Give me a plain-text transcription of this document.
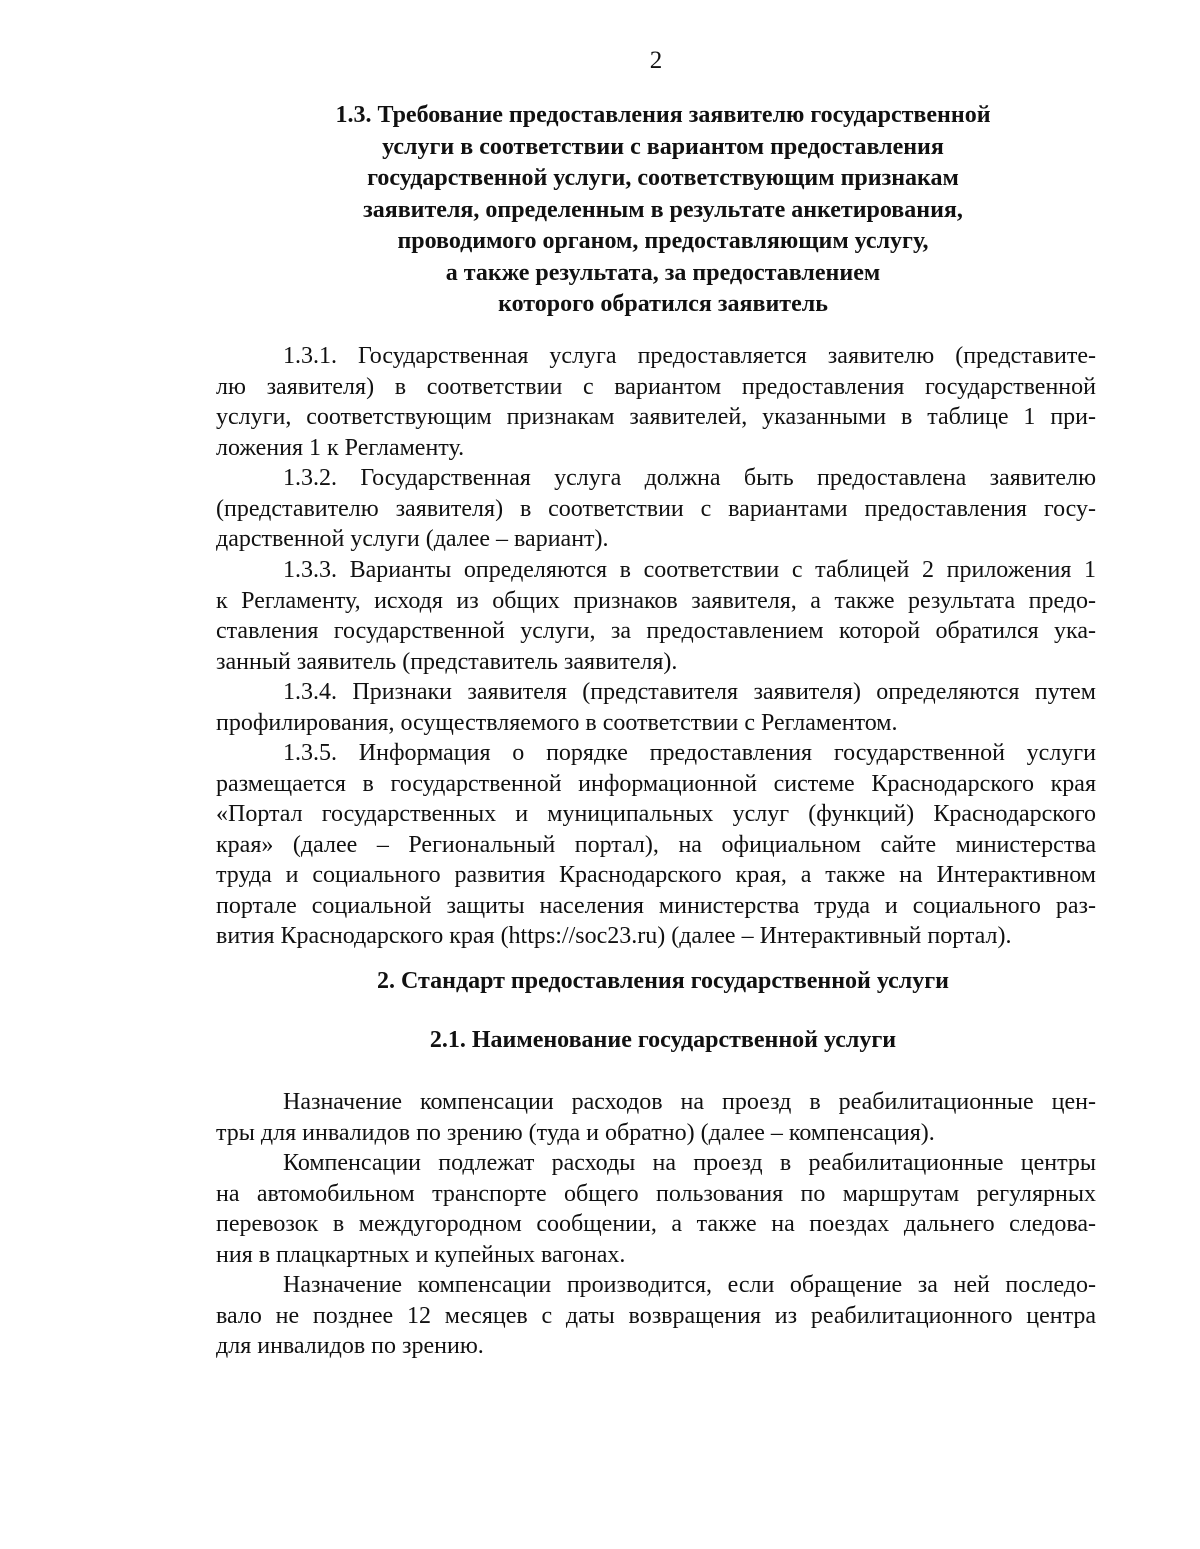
2
1.3. Требование предоставления заявителю государственной
услуги в соответствии с вариантом предоставления
государственной услуги, соответствующим признакам
заявителя, определенным в результате анкетирования,
проводимого органом, предоставляющим услугу,
а также результата, за предоставлением
которого обратился заявитель
1.3.1. Государственная услуга предоставляется заявителю (представите-
лю заявителя) в соответствии с вариантом предоставления государственной
услуги, соответствующим признакам заявителей, указанными в таблице 1 при-
ложения 1 к Регламенту.
1.3.2. Государственная услуга должна быть предоставлена заявителю
(представителю заявителя) в соответствии с вариантами предоставления госу-
дарственной услуги (далее – вариант).
1.3.3. Варианты определяются в соответствии с таблицей 2 приложения 1
к Регламенту, исходя из общих признаков заявителя, а также результата предо-
ставления государственной услуги, за предоставлением которой обратился ука-
занный заявитель (представитель заявителя).
1.3.4. Признаки заявителя (представителя заявителя) определяются путем
профилирования, осуществляемого в соответствии с Регламентом.
1.3.5. Информация о порядке предоставления государственной услуги
размещается в государственной информационной системе Краснодарского края
«Портал государственных и муниципальных услуг (функций) Краснодарского
края» (далее – Региональный портал), на официальном сайте министерства
труда и социального развития Краснодарского края, а также на Интерактивном
портале социальной защиты населения министерства труда и социального раз-
вития Краснодарского края (https://soc23.ru) (далее – Интерактивный портал).
2. Стандарт предоставления государственной услуги
2.1. Наименование государственной услуги
Назначение компенсации расходов на проезд в реабилитационные цен-
тры для инвалидов по зрению (туда и обратно) (далее – компенсация).
Компенсации подлежат расходы на проезд в реабилитационные центры
на автомобильном транспорте общего пользования по маршрутам регулярных
перевозок в междугородном сообщении, а также на поездах дальнего следова-
ния в плацкартных и купейных вагонах.
Назначение компенсации производится, если обращение за ней последо-
вало не позднее 12 месяцев с даты возвращения из реабилитационного центра
для инвалидов по зрению.
